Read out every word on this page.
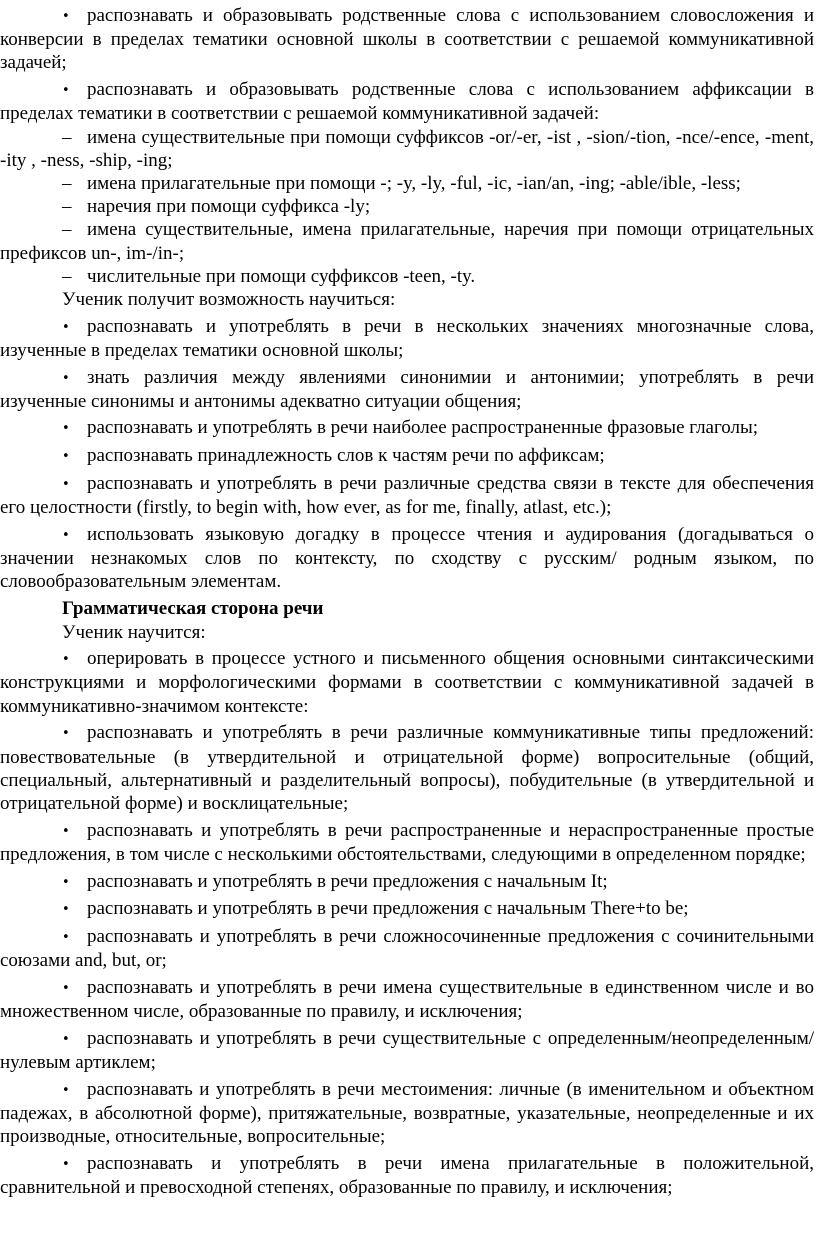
• распознавать и образовывать родственные слова с использованием словосложения и конверсии в пределах тематики основной школы в соответствии с решаемой коммуникативной задачей;

• распознавать и образовывать родственные слова с использованием аффиксации в пределах тематики в соответствии с решаемой коммуникативной задачей:

– имена существительные при помощи суффиксов -or/-er, -ist , -sion/-tion, -nce/-ence, -ment, -ity , -ness, -ship, -ing;

– имена прилагательные при помощи -; -y, -ly, -ful, -ic, -ian/an, -ing; -able/ible, -less;

– наречия при помощи суффикса -ly;

– имена существительные, имена прилагательные, наречия при помощи отрицательных префиксов un-, im-/in-;

– числительные при помощи суффиксов -teen, -ty.

Ученик получит возможность научиться:

• распознавать и употреблять в речи в нескольких значениях многозначные слова, изученные в пределах тематики основной школы;

• знать различия между явлениями синонимии и антонимии; употреблять в речи изученные синонимы и антонимы адекватно ситуации общения;

• распознавать и употреблять в речи наиболее распространенные фразовые глаголы;

• распознавать принадлежность слов к частям речи по аффиксам;

• распознавать и употреблять в речи различные средства связи в тексте для обеспечения его целостности (firstly, to begin with, how ever, as for me, finally, atlast, etc.);

• использовать языковую догадку в процессе чтения и аудирования (догадываться о значении незнакомых слов по контексту, по сходству с русским/ родным языком, по словообразовательным элементам.

Грамматическая сторона речи

Ученик научится:

• оперировать в процессе устного и письменного общения основными синтаксическими конструкциями и морфологическими формами в соответствии с коммуникативной задачей в коммуникативно-значимом контексте:

• распознавать и употреблять в речи различные коммуникативные типы предложений: повествовательные (в утвердительной и отрицательной форме) вопросительные (общий, специальный, альтернативный и разделительный вопросы), побудительные (в утвердительной и отрицательной форме) и восклицательные;

• распознавать и употреблять в речи распространенные и нераспространенные простые предложения, в том числе с несколькими обстоятельствами, следующими в определенном порядке;

• распознавать и употреблять в речи предложения с начальным It;

• распознавать и употреблять в речи предложения с начальным There+to be;

• распознавать и употреблять в речи сложносочиненные предложения с сочинительными союзами and, but, or;

• распознавать и употреблять в речи имена существительные в единственном числе и во множественном числе, образованные по правилу, и исключения;

• распознавать и употреблять в речи существительные с определенным/неопределенным/нулевым артиклем;

• распознавать и употреблять в речи местоимения: личные (в именительном и объектном падежах, в абсолютной форме), притяжательные, возвратные, указательные, неопределенные и их производные, относительные, вопросительные;

• распознавать и употреблять в речи имена прилагательные в положительной, сравнительной и превосходной степенях, образованные по правилу, и исключения;
